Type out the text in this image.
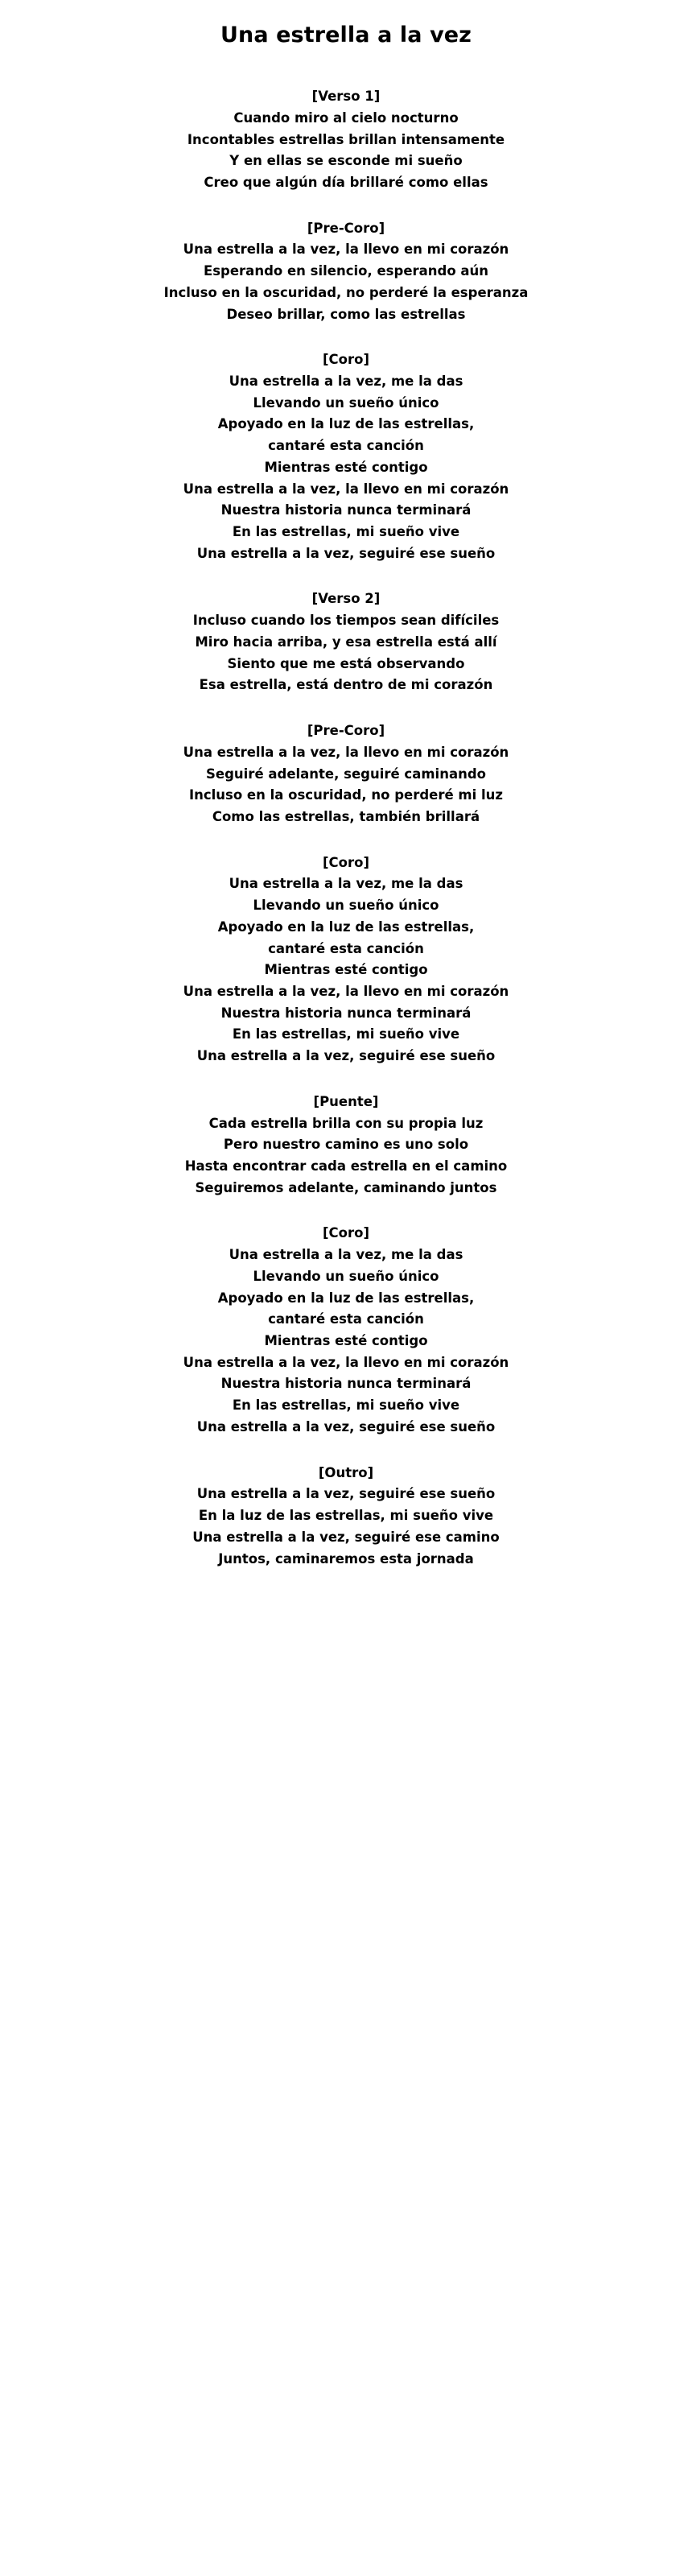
Una estrella a la vez
[Verso 1]
Cuando miro al cielo nocturno
Incontables estrellas brillan intensamente
Y en ellas se esconde mi sueño
Creo que algún día brillaré como ellas
[Pre-Coro]
Una estrella a la vez, la llevo en mi corazón
Esperando en silencio, esperando aún
Incluso en la oscuridad, no perderé la esperanza
Deseo brillar, como las estrellas
[Coro]
Una estrella a la vez, me la das
Llevando un sueño único
Apoyado en la luz de las estrellas,
cantaré esta canción
Mientras esté contigo
Una estrella a la vez, la llevo en mi corazón
Nuestra historia nunca terminará
En las estrellas, mi sueño vive
Una estrella a la vez, seguiré ese sueño
[Verso 2]
Incluso cuando los tiempos sean difíciles
Miro hacia arriba, y esa estrella está allí
Siento que me está observando
Esa estrella, está dentro de mi corazón
[Pre-Coro]
Una estrella a la vez, la llevo en mi corazón
Seguiré adelante, seguiré caminando
Incluso en la oscuridad, no perderé mi luz
Como las estrellas, también brillará
[Coro]
Una estrella a la vez, me la das
Llevando un sueño único
Apoyado en la luz de las estrellas,
cantaré esta canción
Mientras esté contigo
Una estrella a la vez, la llevo en mi corazón
Nuestra historia nunca terminará
En las estrellas, mi sueño vive
Una estrella a la vez, seguiré ese sueño
[Puente]
Cada estrella brilla con su propia luz
Pero nuestro camino es uno solo
Hasta encontrar cada estrella en el camino
Seguiremos adelante, caminando juntos
[Coro]
Una estrella a la vez, me la das
Llevando un sueño único
Apoyado en la luz de las estrellas,
cantaré esta canción
Mientras esté contigo
Una estrella a la vez, la llevo en mi corazón
Nuestra historia nunca terminará
En las estrellas, mi sueño vive
Una estrella a la vez, seguiré ese sueño
[Outro]
Una estrella a la vez, seguiré ese sueño
En la luz de las estrellas, mi sueño vive
Una estrella a la vez, seguiré ese camino
Juntos, caminaremos esta jornada
